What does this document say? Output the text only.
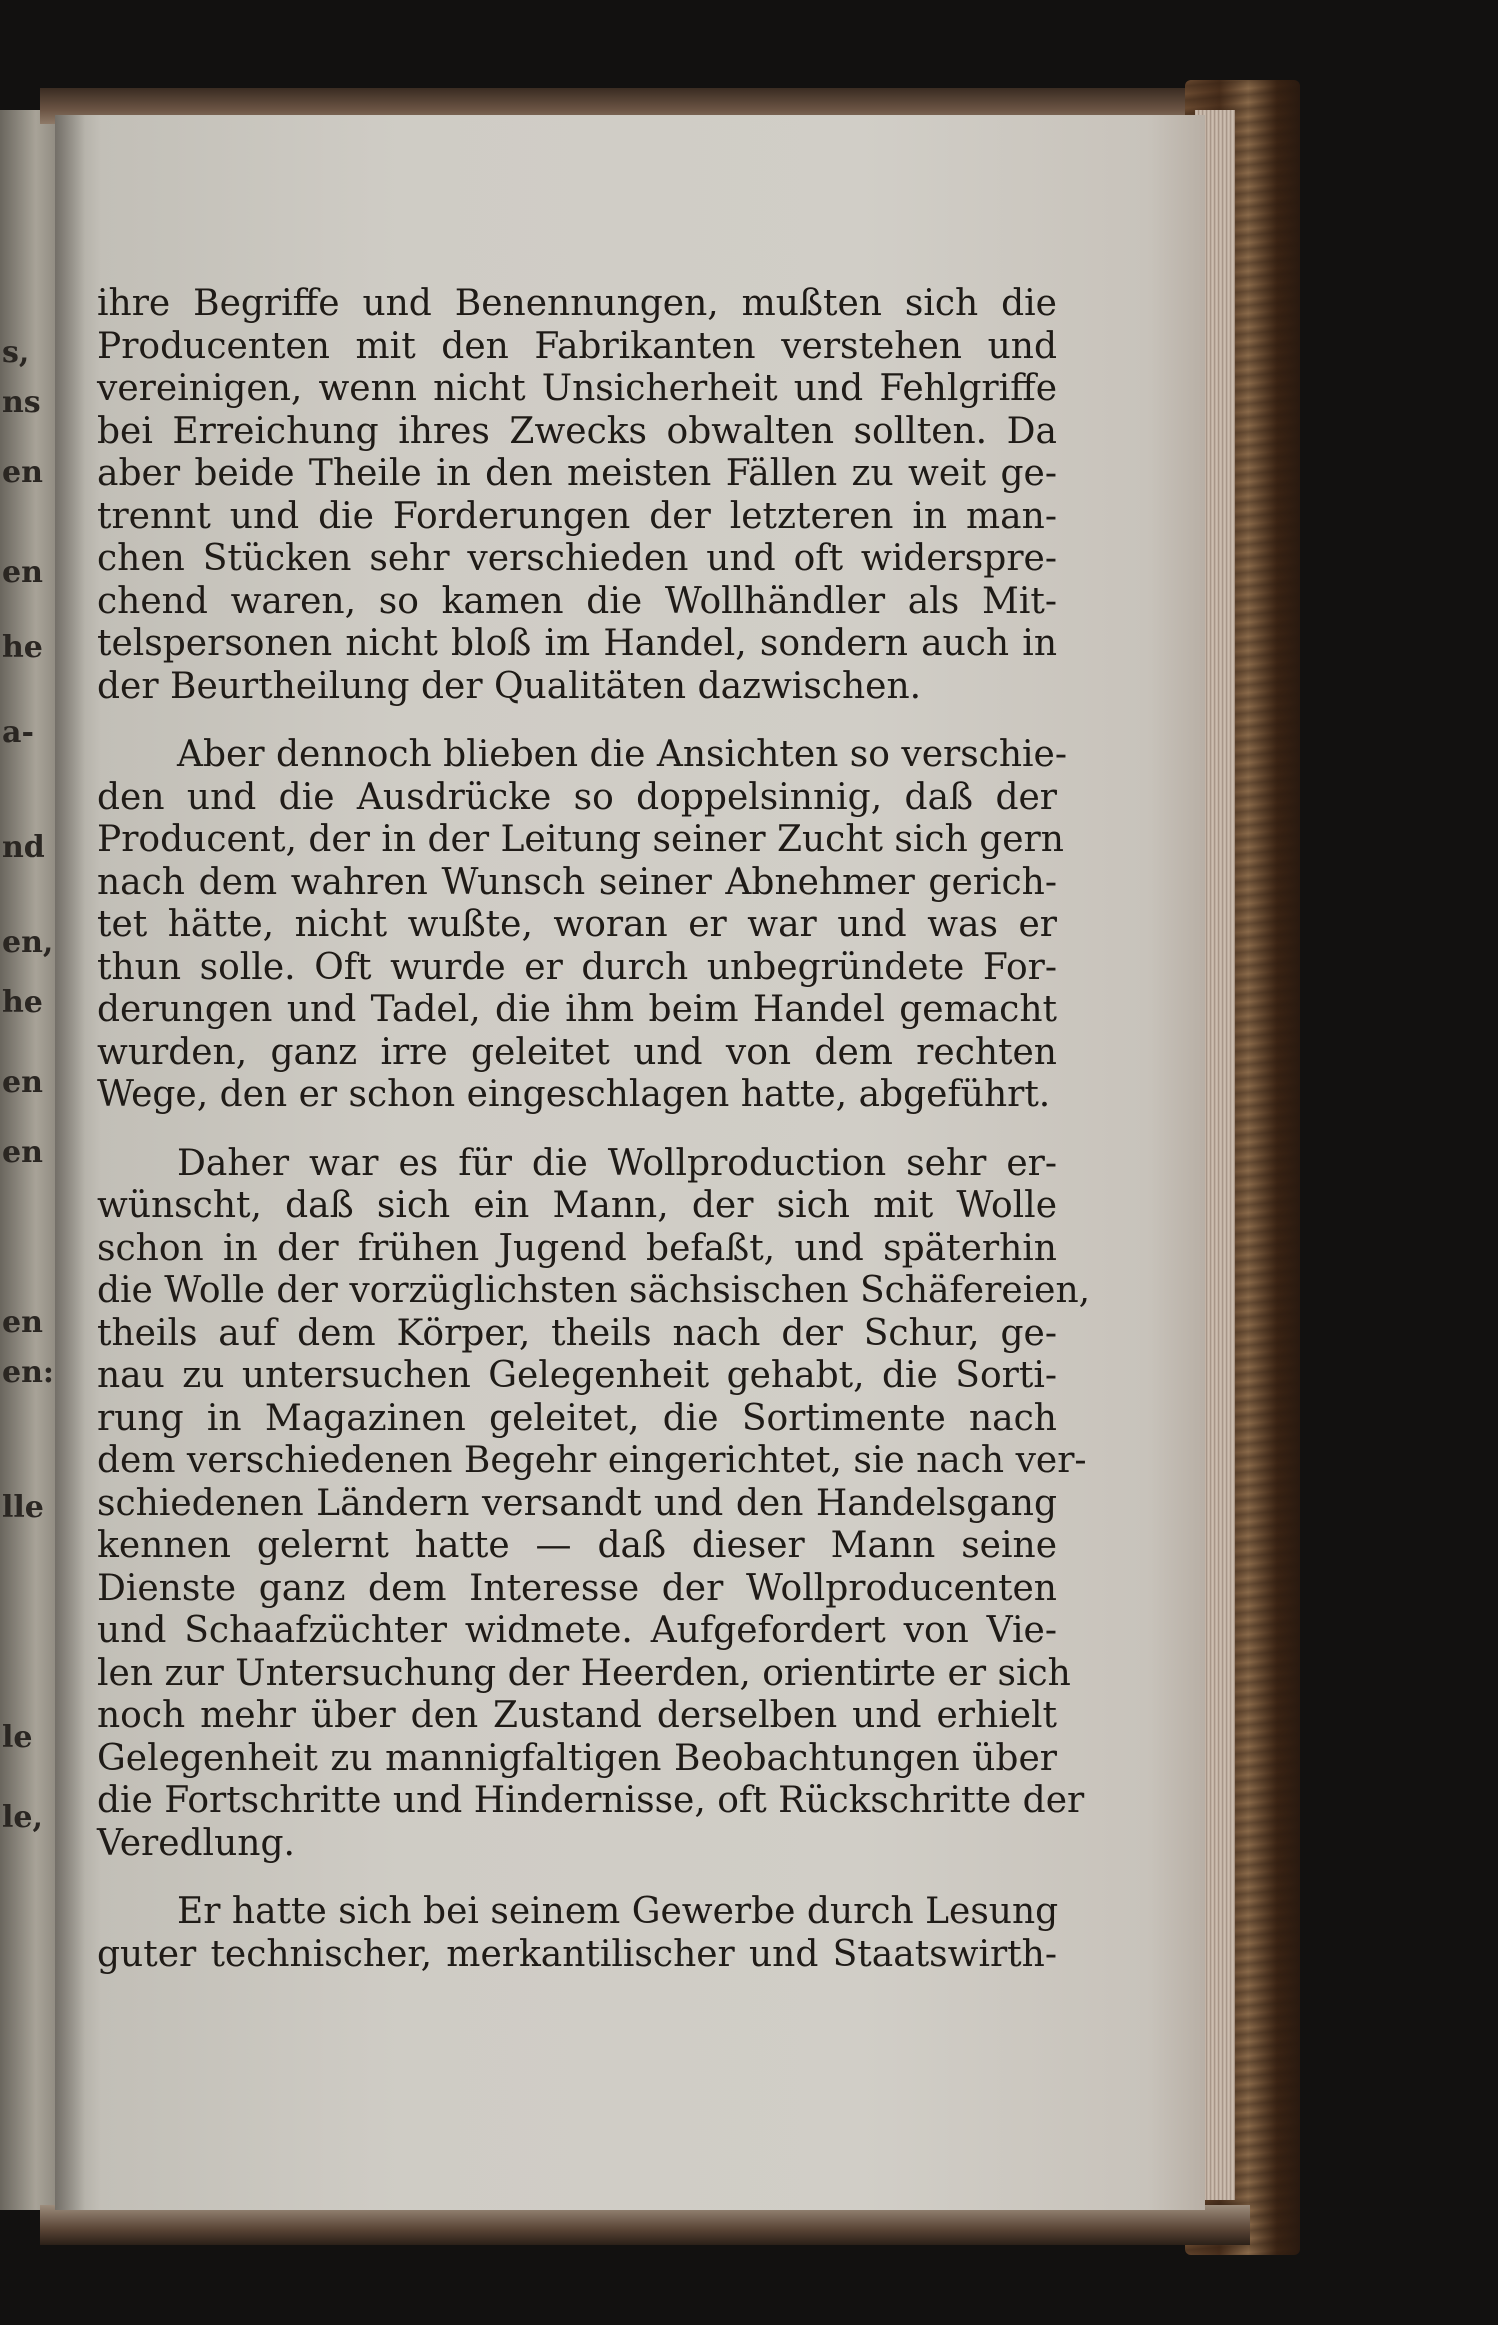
s,
ns
en
en
he
a-
nd
en,
he
en
en
en
en:
lle
le
le,

ihre Begriffe und Benennungen, mußten sich die
Producenten mit den Fabrikanten verstehen und
vereinigen, wenn nicht Unsicherheit und Fehlgriffe
bei Erreichung ihres Zwecks obwalten sollten. Da
aber beide Theile in den meisten Fällen zu weit ge-
trennt und die Forderungen der letzteren in man-
chen Stücken sehr verschieden und oft widerspre-
chend waren, so kamen die Wollhändler als Mit-
telspersonen nicht bloß im Handel, sondern auch in
der Beurtheilung der Qualitäten dazwischen.

Aber dennoch blieben die Ansichten so verschie-
den und die Ausdrücke so doppelsinnig, daß der
Producent, der in der Leitung seiner Zucht sich gern
nach dem wahren Wunsch seiner Abnehmer gerich-
tet hätte, nicht wußte, woran er war und was er
thun solle. Oft wurde er durch unbegründete For-
derungen und Tadel, die ihm beim Handel gemacht
wurden, ganz irre geleitet und von dem rechten
Wege, den er schon eingeschlagen hatte, abgeführt.

Daher war es für die Wollproduction sehr er-
wünscht, daß sich ein Mann, der sich mit Wolle
schon in der frühen Jugend befaßt, und späterhin
die Wolle der vorzüglichsten sächsischen Schäfereien,
theils auf dem Körper, theils nach der Schur, ge-
nau zu untersuchen Gelegenheit gehabt, die Sorti-
rung in Magazinen geleitet, die Sortimente nach
dem verschiedenen Begehr eingerichtet, sie nach ver-
schiedenen Ländern versandt und den Handelsgang
kennen gelernt hatte — daß dieser Mann seine
Dienste ganz dem Interesse der Wollproducenten
und Schaafzüchter widmete. Aufgefordert von Vie-
len zur Untersuchung der Heerden, orientirte er sich
noch mehr über den Zustand derselben und erhielt
Gelegenheit zu mannigfaltigen Beobachtungen über
die Fortschritte und Hindernisse, oft Rückschritte der
Veredlung.

Er hatte sich bei seinem Gewerbe durch Lesung
guter technischer, merkantilischer und Staatswirth-
